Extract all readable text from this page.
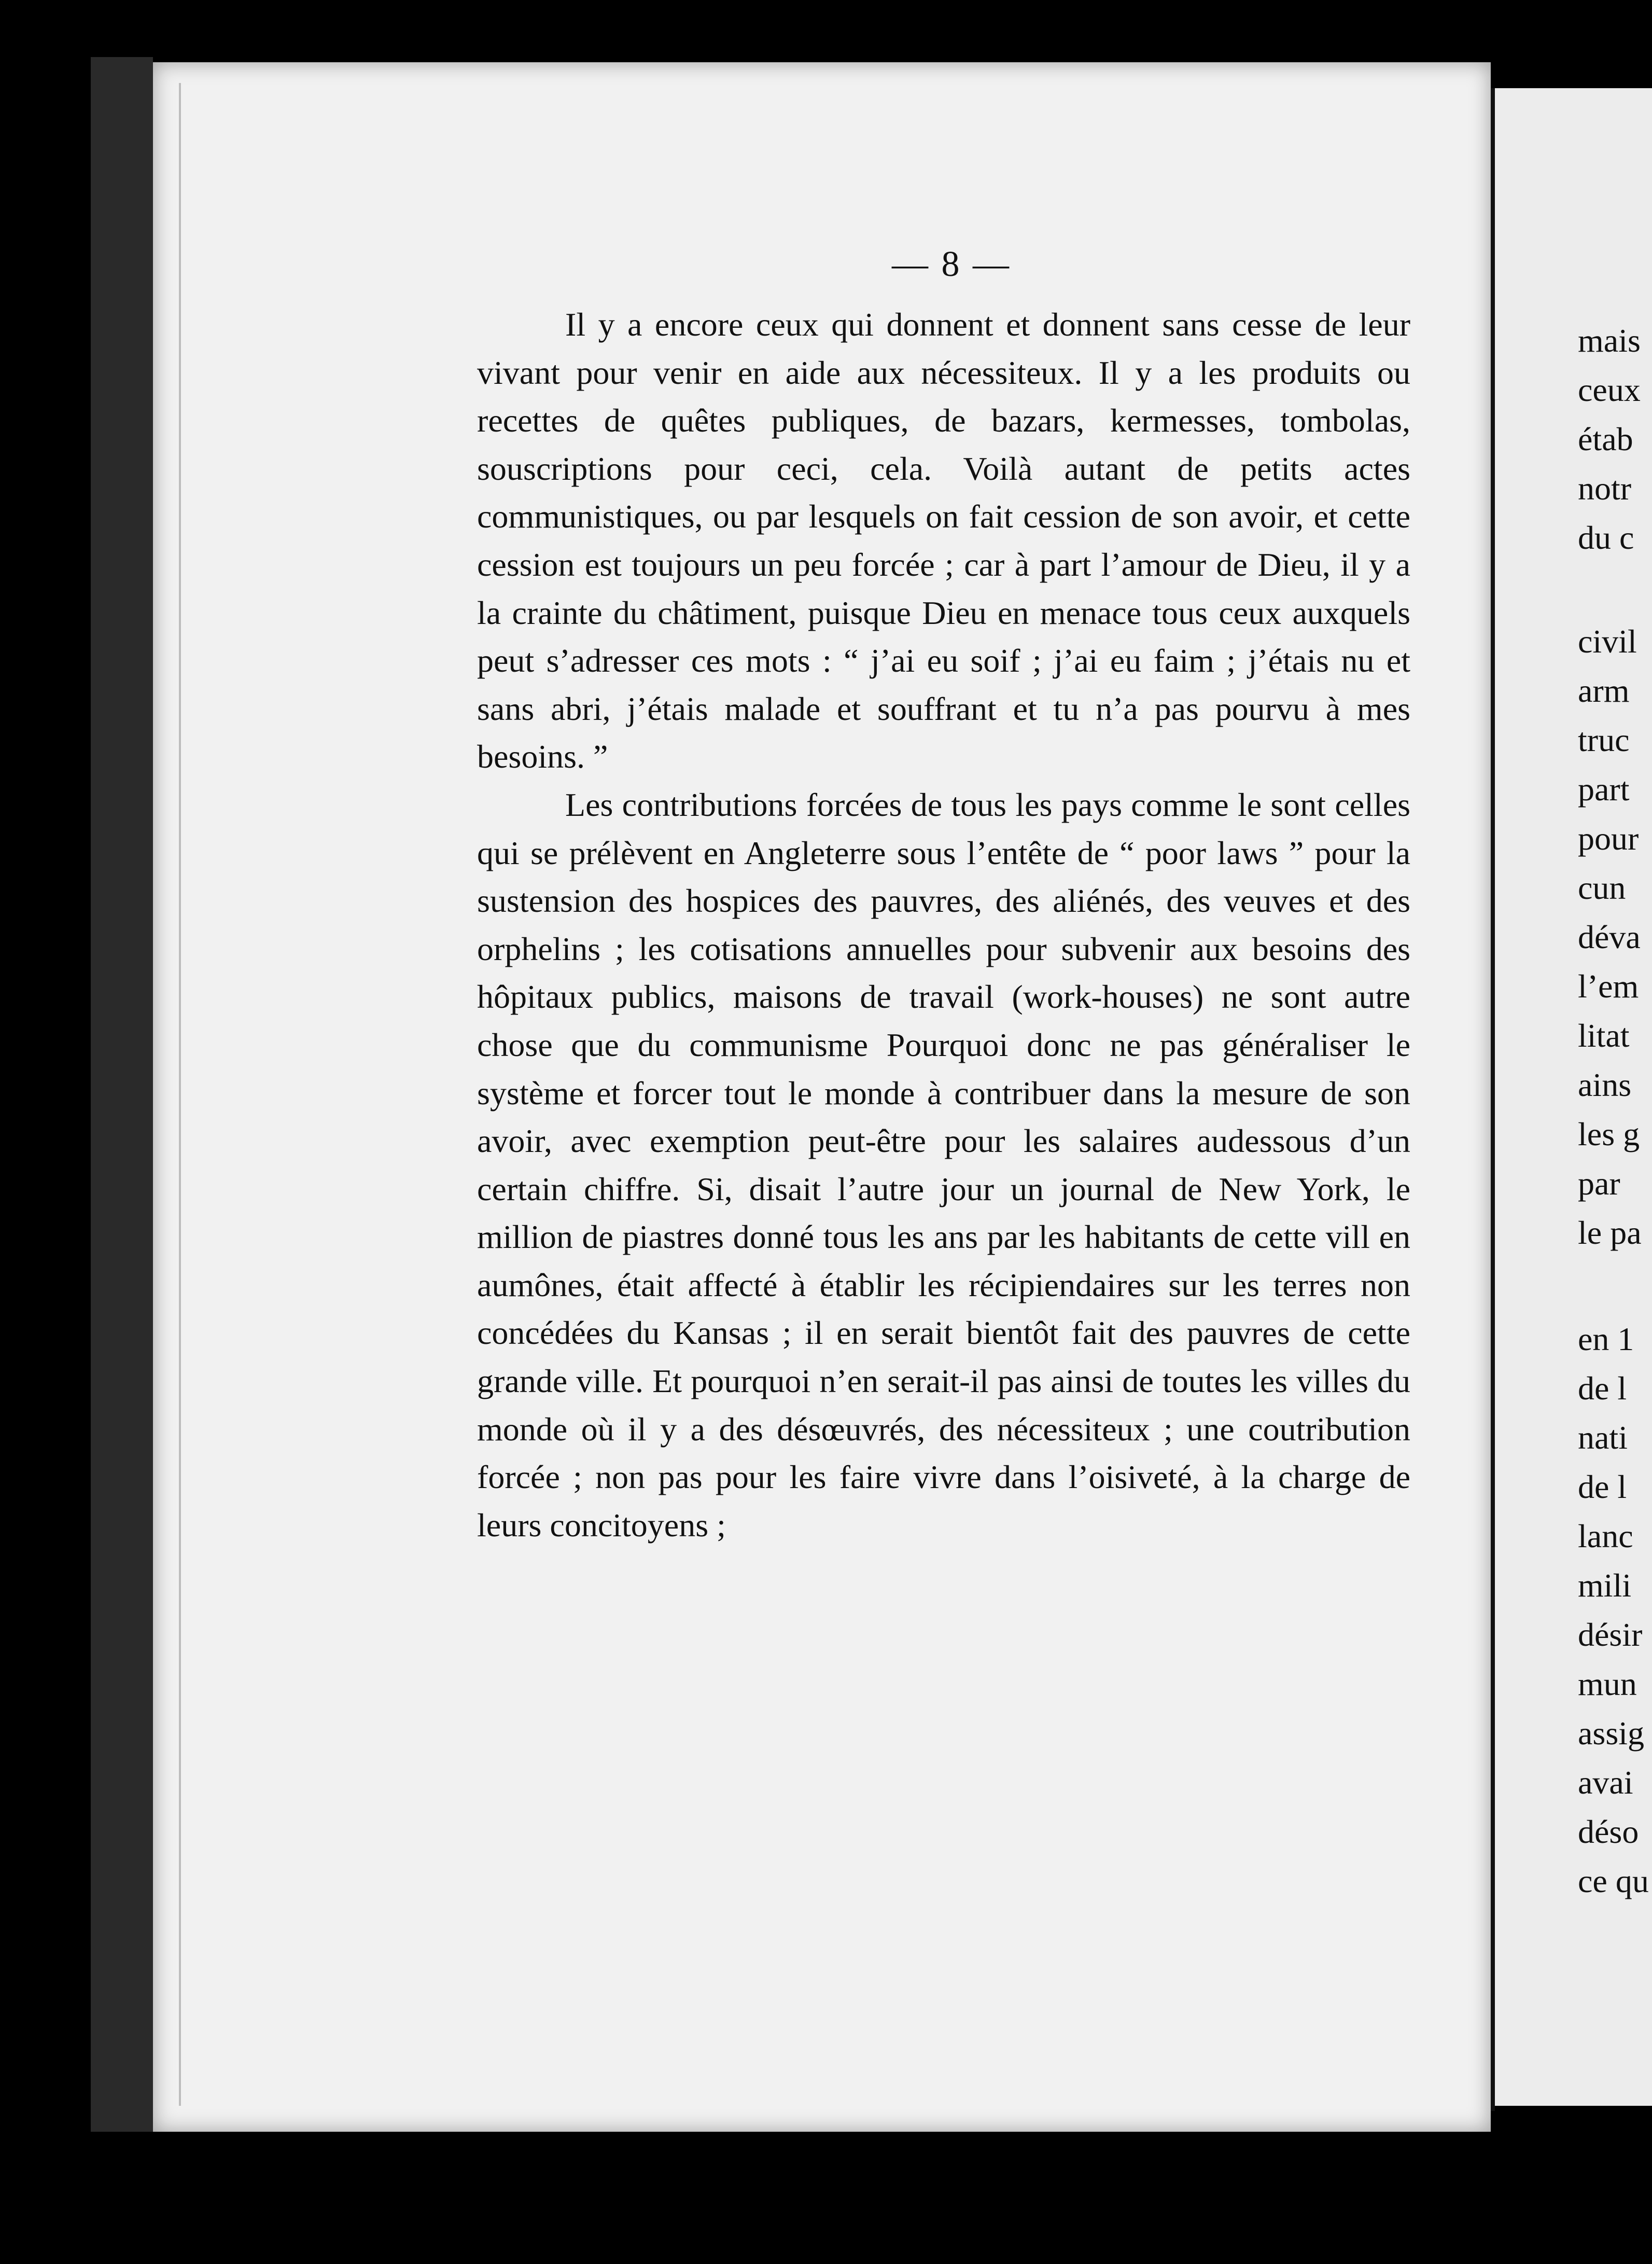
— 8 —

Il y a encore ceux qui donnent et donnent sans cesse de leur vivant pour venir en aide aux nécessiteux. Il y a les produits ou recettes de quêtes publiques, de bazars, kermesses, tombolas, souscriptions pour ceci, cela. Voilà autant de petits actes communistiques, ou par lesquels on fait cession de son avoir, et cette cession est toujours un peu forcée ; car à part l’amour de Dieu, il y a la crainte du châtiment, puisque Dieu en menace tous ceux auxquels peut s’adresser ces mots : “ j’ai eu soif ; j’ai eu faim ; j’étais nu et sans abri, j’étais malade et souffrant et tu n’a pas pourvu à mes besoins. ”

Les contributions forcées de tous les pays comme le sont celles qui se prélèvent en Angleterre sous l’entête de “ poor laws ” pour la sustension des hospices des pauvres, des aliénés, des veuves et des orphelins ; les cotisations annuelles pour subvenir aux besoins des hôpitaux publics, maisons de travail (work-houses) ne sont autre chose que du communisme Pourquoi donc ne pas généraliser le système et forcer tout le monde à contribuer dans la mesure de son avoir, avec exemption peut-être pour les salaires audessous d’un certain chiffre. Si, disait l’autre jour un journal de New York, le million de piastres donné tous les ans par les habitants de cette vill en aumônes, était affecté à établir les récipiendaires sur les terres non concédées du Kansas ; il en serait bientôt fait des pauvres de cette grande ville. Et pourquoi n’en serait-il pas ainsi de toutes les villes du monde où il y a des désœuvrés, des nécessiteux ; une coutribution forcée ; non pas pour les faire vivre dans l’oisiveté, à la charge de leurs concitoyens ;

mais
ceux
étab
notr
du c
civil
arm
truc
part
pour
cun
déva
l’em
litat
ains
les g
par
le pa
en 1
de l
nati
de l
lanc
mili
désir
mun
assig
avai
déso
ce qu
